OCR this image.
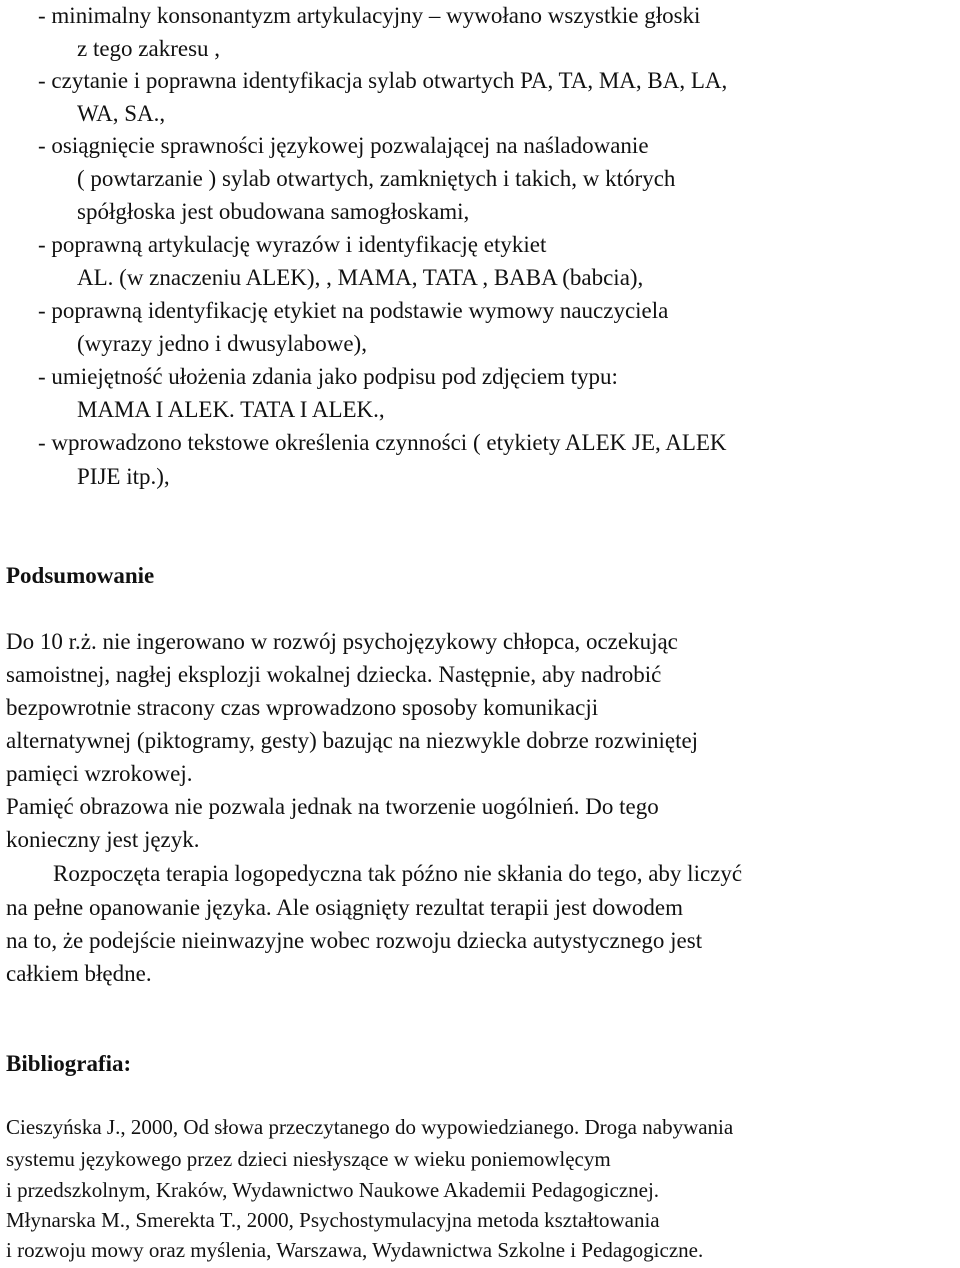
- minimalny konsonantyzm artykulacyjny – wywołano wszystkie głoski
z tego zakresu ,
- czytanie i poprawna identyfikacja sylab otwartych PA, TA, MA, BA, LA,
WA, SA.,
- osiągnięcie sprawności językowej pozwalającej na naśladowanie
( powtarzanie ) sylab otwartych, zamkniętych i takich, w których
spółgłoska jest obudowana samogłoskami,
- poprawną artykulację wyrazów i identyfikację etykiet
AL. (w znaczeniu ALEK), , MAMA, TATA , BABA (babcia),
- poprawną identyfikację etykiet na podstawie wymowy nauczyciela
(wyrazy jedno i dwusylabowe),
- umiejętność ułożenia zdania jako podpisu pod zdjęciem typu:
MAMA I ALEK. TATA I ALEK.,
- wprowadzono tekstowe określenia czynności ( etykiety ALEK JE, ALEK
PIJE itp.),
Podsumowanie
Do 10 r.ż. nie ingerowano w rozwój psychojęzykowy chłopca, oczekując
samoistnej, nagłej eksplozji wokalnej dziecka. Następnie, aby nadrobić
bezpowrotnie stracony czas wprowadzono sposoby komunikacji
alternatywnej (piktogramy, gesty) bazując na niezwykle dobrze rozwiniętej
pamięci wzrokowej.
Pamięć obrazowa nie pozwala jednak na tworzenie uogólnień. Do tego
konieczny jest język.
Rozpoczęta terapia logopedyczna tak późno nie skłania do tego, aby liczyć
na pełne opanowanie języka. Ale osiągnięty rezultat terapii jest dowodem
na to, że podejście nieinwazyjne wobec rozwoju dziecka autystycznego jest
całkiem błędne.
Bibliografia:
Cieszyńska J., 2000, Od słowa przeczytanego do wypowiedzianego. Droga nabywania
systemu językowego przez dzieci niesłyszące w wieku poniemowlęcym
i przedszkolnym, Kraków, Wydawnictwo Naukowe Akademii Pedagogicznej.
Młynarska M., Smerekta T., 2000, Psychostymulacyjna metoda kształtowania
i rozwoju mowy oraz myślenia, Warszawa, Wydawnictwa Szkolne i Pedagogiczne.
